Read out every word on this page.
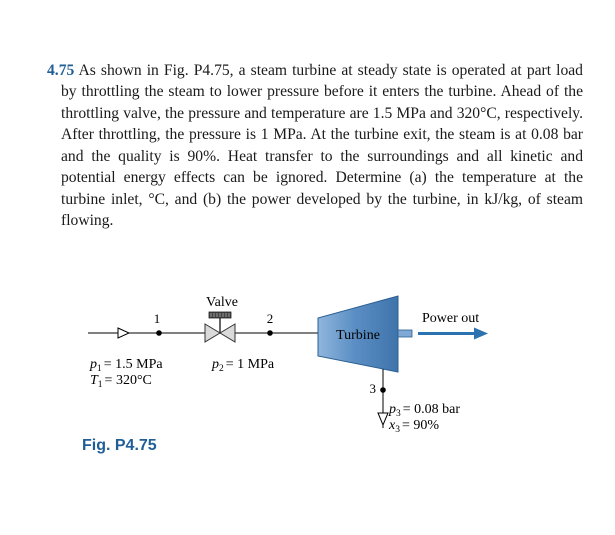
4.75 As shown in Fig. P4.75, a steam turbine at steady state is operated at part load by throttling the steam to lower pressure before it enters the turbine. Ahead of the throttling valve, the pressure and temperature are 1.5 MPa and 320°C, respectively. After throttling, the pressure is 1 MPa. At the turbine exit, the steam is at 0.08 bar and the quality is 90%. Heat transfer to the surroundings and all kinetic and potential energy effects can be ignored. Determine (a) the temperature at the turbine inlet, °C, and (b) the power developed by the turbine, in kJ/kg, of steam flowing.

1
Valve
2
Turbine
Power out
3
$p_1 = 1.5$ MPa
$T_1 = 320^\circ C$
$p_2 = 1$ MPa
$p_3 = 0.08$ bar
$x_3 = 90\%$
Fig. P4.75
